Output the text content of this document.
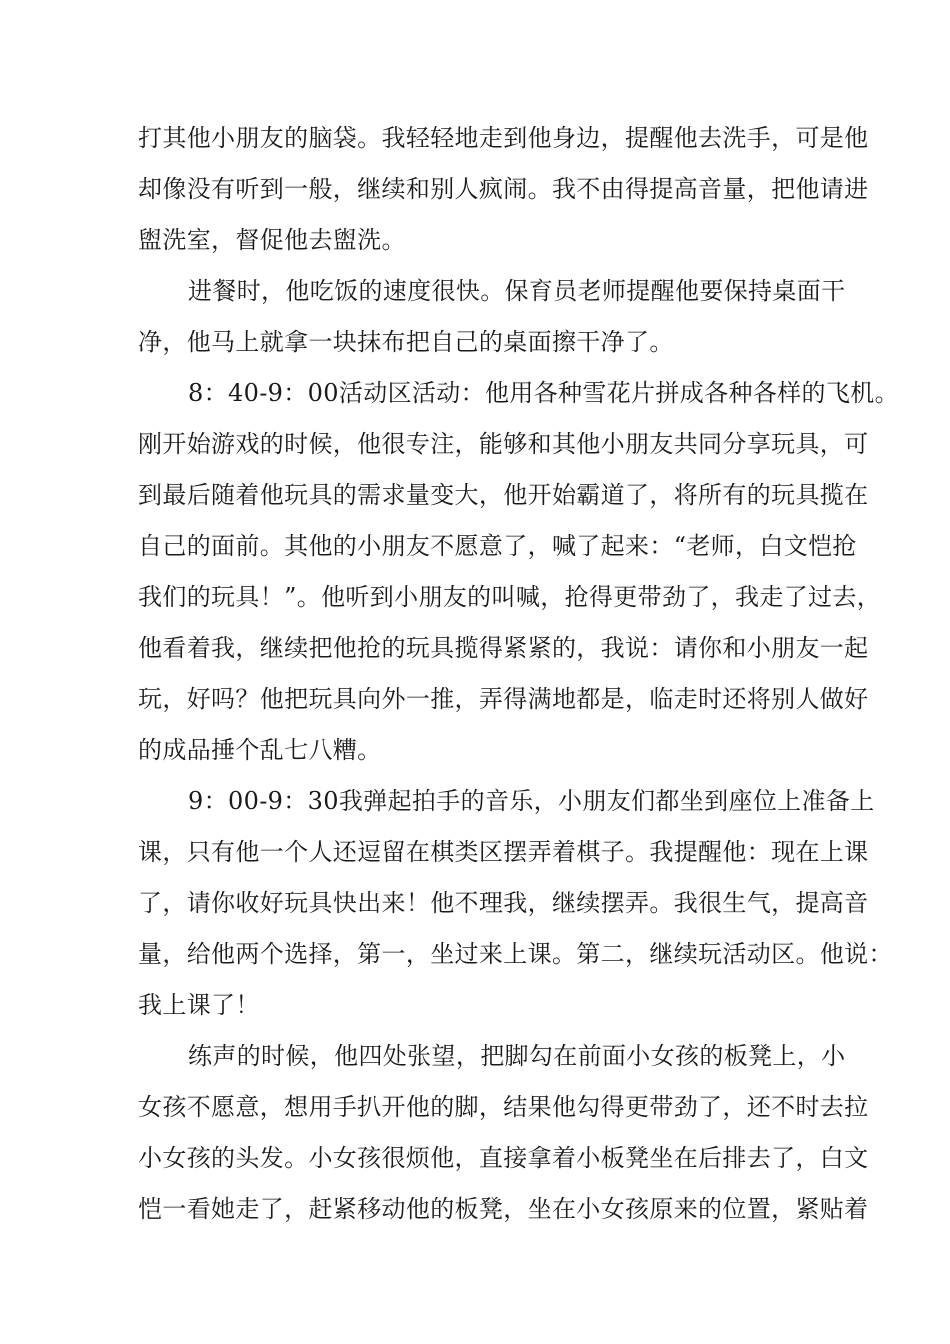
打其他小朋友的脑袋。我轻轻地走到他身边，提醒他去洗手，可是他
却像没有听到一般，继续和别人疯闹。我不由得提高音量，把他请进
盥洗室，督促他去盥洗。
进餐时，他吃饭的速度很快。保育员老师提醒他要保持桌面干
净，他马上就拿一块抹布把自己的桌面擦干净了。
8：40-9：00活动区活动：他用各种雪花片拼成各种各样的飞机。
刚开始游戏的时候，他很专注，能够和其他小朋友共同分享玩具，可
到最后随着他玩具的需求量变大，他开始霸道了，将所有的玩具揽在
自己的面前。其他的小朋友不愿意了，喊了起来：“老师，白文恺抢
我们的玩具！”。他听到小朋友的叫喊，抢得更带劲了，我走了过去，
他看着我，继续把他抢的玩具揽得紧紧的，我说：请你和小朋友一起
玩，好吗？他把玩具向外一推，弄得满地都是，临走时还将别人做好
的成品捶个乱七八糟。
9：00-9：30我弹起拍手的音乐，小朋友们都坐到座位上准备上
课，只有他一个人还逗留在棋类区摆弄着棋子。我提醒他：现在上课
了，请你收好玩具快出来！他不理我，继续摆弄。我很生气，提高音
量，给他两个选择，第一，坐过来上课。第二，继续玩活动区。他说：
我上课了！
练声的时候，他四处张望，把脚勾在前面小女孩的板凳上，小
女孩不愿意，想用手扒开他的脚，结果他勾得更带劲了，还不时去拉
小女孩的头发。小女孩很烦他，直接拿着小板凳坐在后排去了，白文
恺一看她走了，赶紧移动他的板凳，坐在小女孩原来的位置，紧贴着
